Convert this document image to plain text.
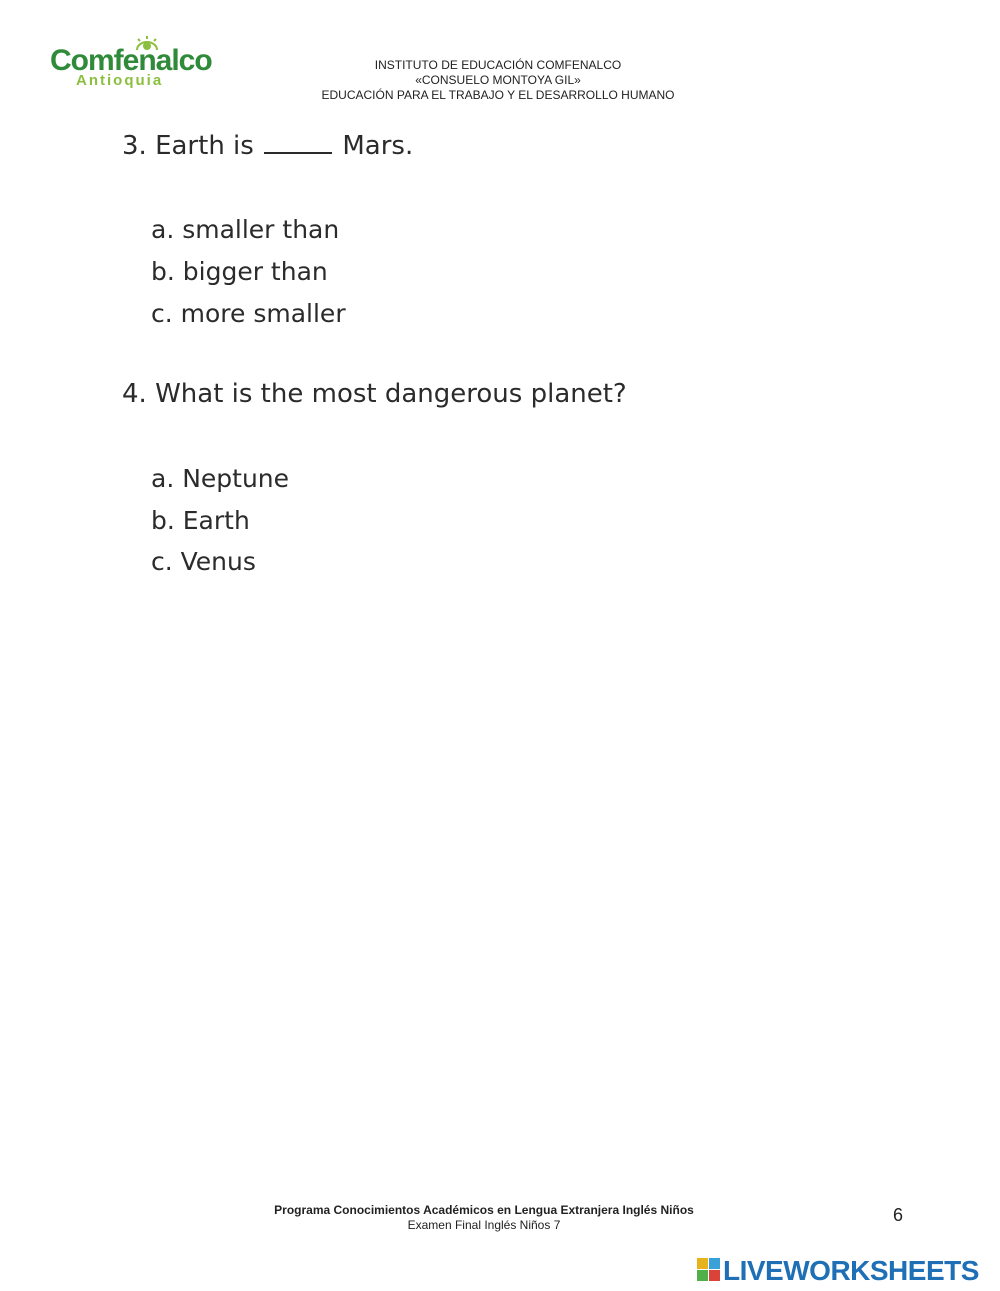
Comfenalco
Antioquia
INSTITUTO DE EDUCACIÓN COMFENALCO
«CONSUELO MONTOYA GIL»
EDUCACIÓN PARA EL TRABAJO Y EL DESARROLLO HUMANO
3. Earth is	Mars.
a. smaller than
b. bigger than
c. more smaller
4. What is the most dangerous planet?
a. Neptune
b. Earth
c. Venus
Programa Conocimientos Académicos en Lengua Extranjera Inglés Niños
Examen Final Inglés Niños 7	6
LIVEWORKSHEETS
